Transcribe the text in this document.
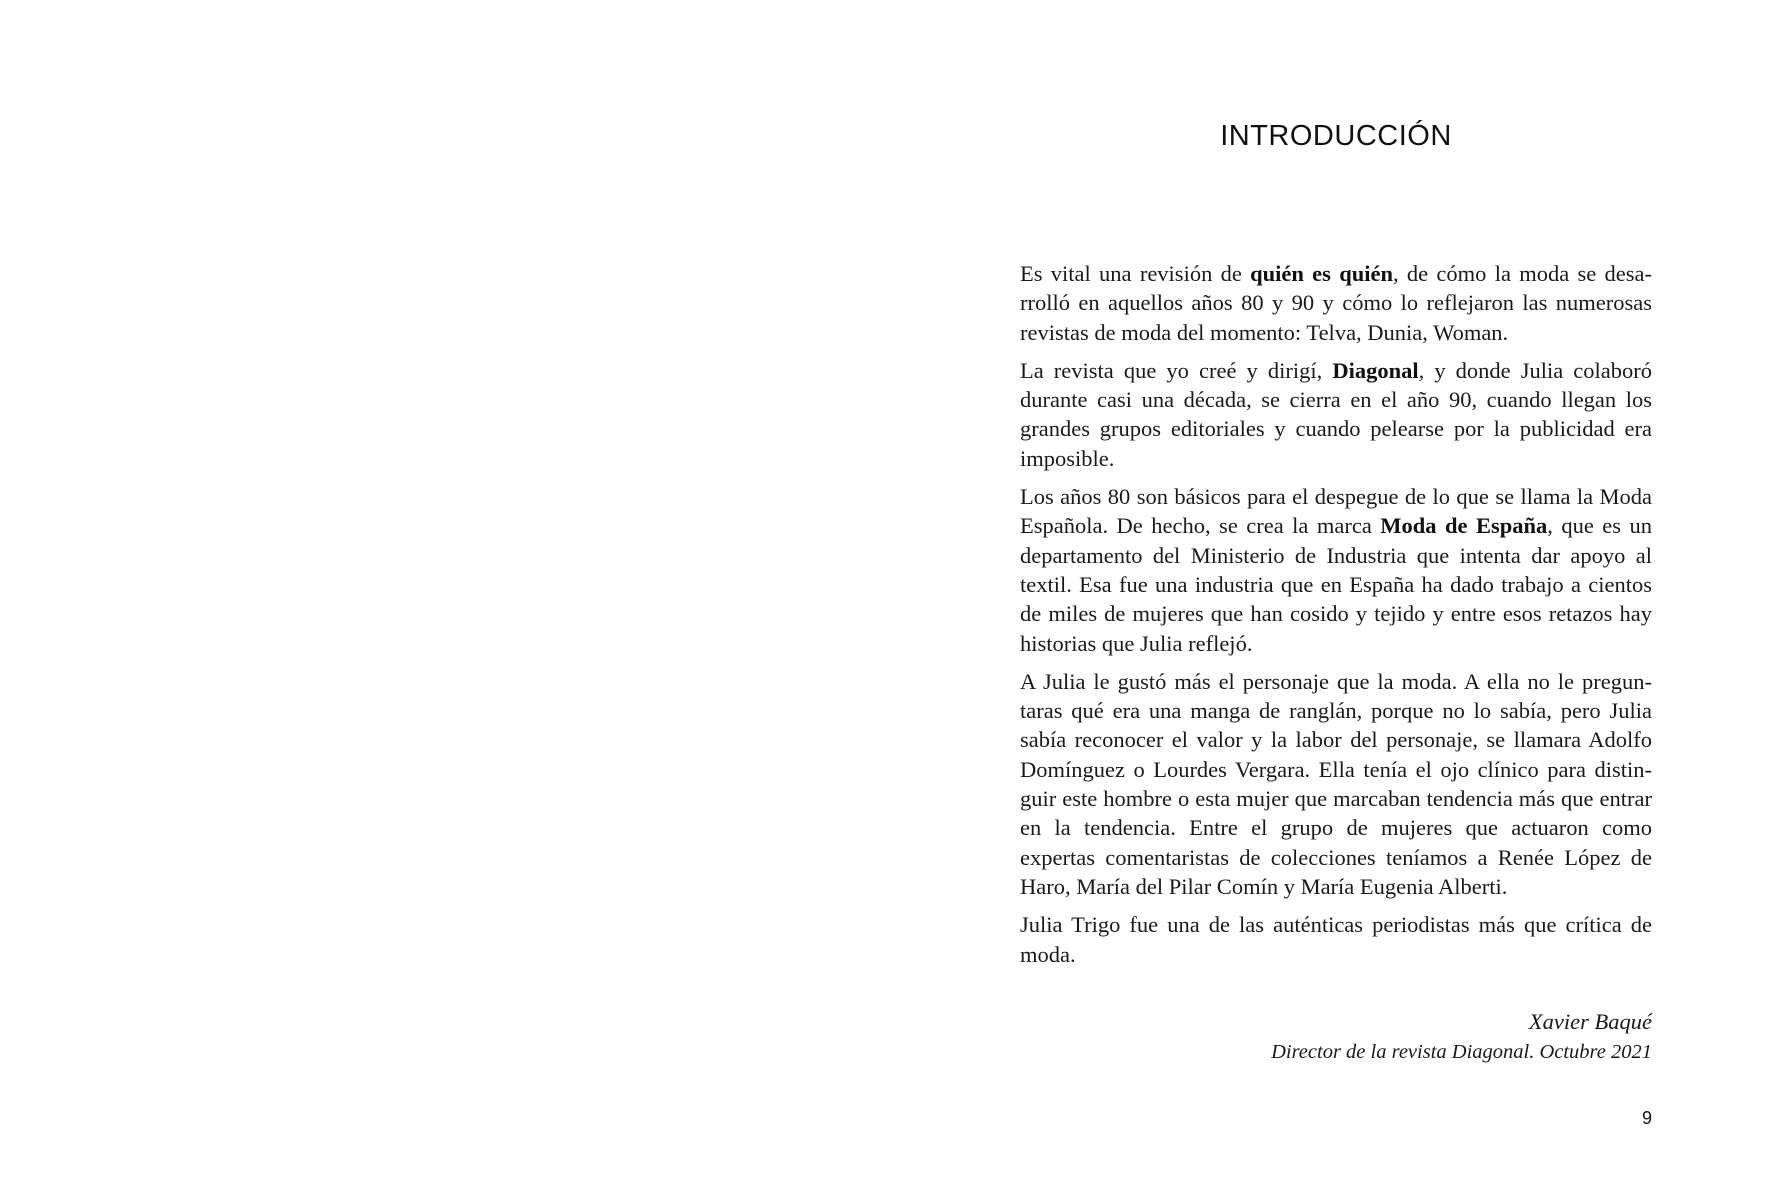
INTRODUCCIÓN

Es vital una revisión de quién es quién, de cómo la moda se desarrolló en aquellos años 80 y 90 y cómo lo reflejaron las numerosas revistas de moda del momento: Telva, Dunia, Woman.

La revista que yo creé y dirigí, Diagonal, y donde Julia colaboró durante casi una década, se cierra en el año 90, cuando llegan los grandes grupos editoriales y cuando pelearse por la publicidad era imposible.

Los años 80 son básicos para el despegue de lo que se llama la Moda Española. De hecho, se crea la marca Moda de España, que es un departamento del Ministerio de Industria que intenta dar apoyo al textil. Esa fue una industria que en España ha dado trabajo a cientos de miles de mujeres que han cosido y tejido y entre esos retazos hay historias que Julia reflejó.

A Julia le gustó más el personaje que la moda. A ella no le preguntaras qué era una manga de ranglán, porque no lo sabía, pero Julia sabía reconocer el valor y la labor del personaje, se llamara Adolfo Domínguez o Lourdes Vergara. Ella tenía el ojo clínico para distinguir este hombre o esta mujer que marcaban tendencia más que entrar en la tendencia. Entre el grupo de mujeres que actuaron como expertas comentaristas de colecciones teníamos a Renée López de Haro, María del Pilar Comín y María Eugenia Alberti.

Julia Trigo fue una de las auténticas periodistas más que crítica de moda.

Xavier Baqué
Director de la revista Diagonal. Octubre 2021
9
